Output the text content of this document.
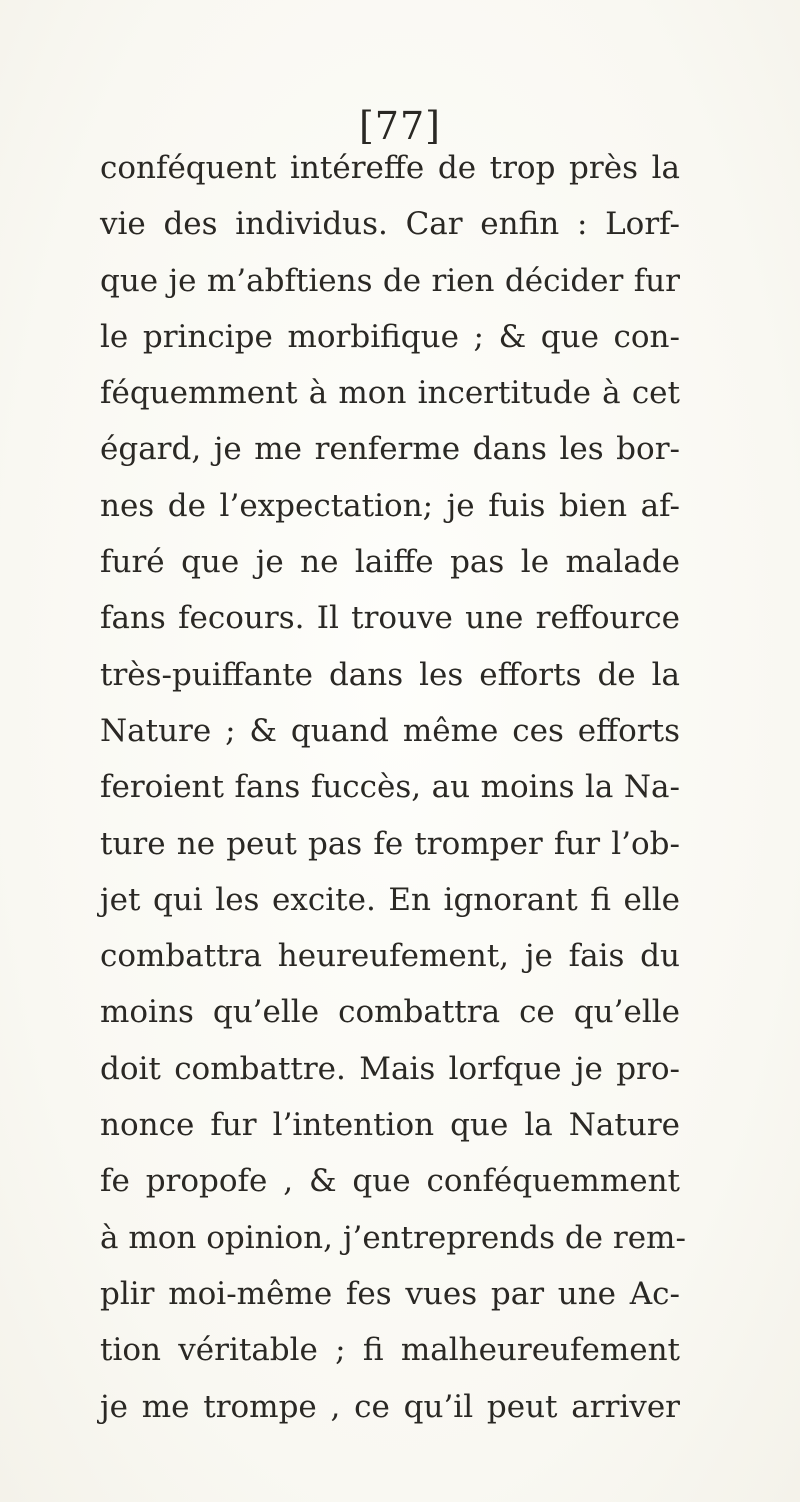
[77]
conféquent intéreffe de trop près la
vie des individus. Car enfin : Lorf-
que je m’abftiens de rien décider fur
le principe morbifique ; & que con-
féquemment à mon incertitude à cet
égard, je me renferme dans les bor-
nes de l’expectation; je fuis bien af-
furé que je ne laiffe pas le malade
fans fecours. Il trouve une reffource
très-puiffante dans les efforts de la
Nature ; & quand même ces efforts
feroient fans fuccès, au moins la Na-
ture ne peut pas fe tromper fur l’ob-
jet qui les excite. En ignorant fi elle
combattra heureufement, je fais du
moins qu’elle combattra ce qu’elle
doit combattre. Mais lorfque je pro-
nonce fur l’intention que la Nature
fe propofe , & que conféquemment
à mon opinion, j’entreprends de rem-
plir moi-même fes vues par une Ac-
tion véritable ; fi malheureufement
je me trompe , ce qu’il peut arriver
